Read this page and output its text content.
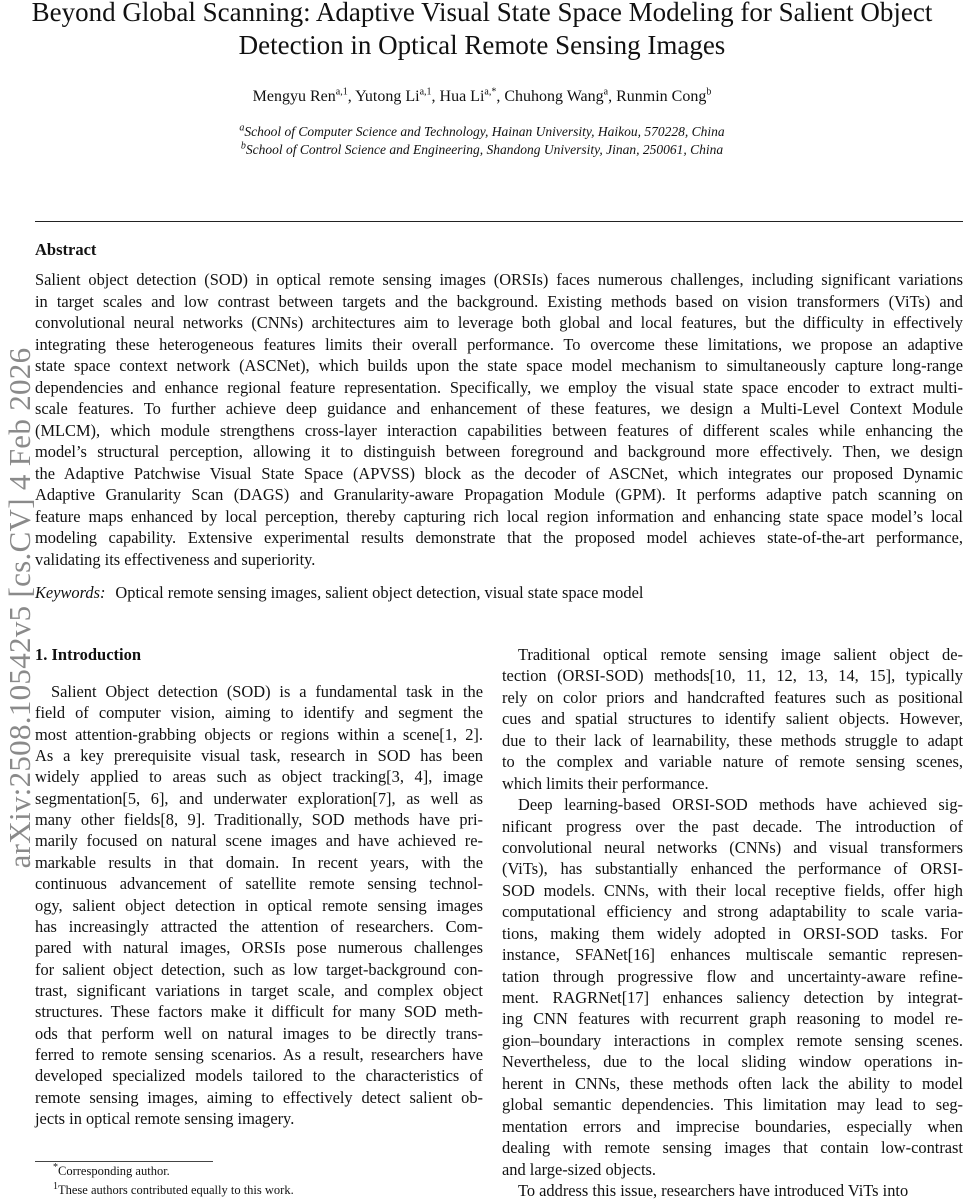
arXiv:2508.10542v5 [cs.CV] 4 Feb 2026
Beyond Global Scanning: Adaptive Visual State Space Modeling for Salient Object
Detection in Optical Remote Sensing Images
Mengyu Ren$^{a,1}$, Yutong Li$^{a,1}$, Hua $Li^{a,*}$, Chuhong Wang$^a$, Runmin Cong$^b$
$^a$School of Computer Science and Technology, Hainan University, Haikou, 570228, China
$^b$School of Control Science and Engineering, Shandong University, Jinan, 250061, China
Abstract
Salient object detection (SOD) in optical remote sensing images (ORSIs) faces numerous challenges, including significant variations
in target scales and low contrast between targets and the background. Existing methods based on vision transformers (ViTs) and
convolutional neural networks (CNNs) architectures aim to leverage both global and local features, but the difficulty in effectively
integrating these heterogeneous features limits their overall performance. To overcome these limitations, we propose an adaptive
state space context network (ASCNet), which builds upon the state space model mechanism to simultaneously capture long-range
dependencies and enhance regional feature representation. Specifically, we employ the visual state space encoder to extract multi-
scale features. To further achieve deep guidance and enhancement of these features, we design a Multi-Level Context Module
(MLCM), which module strengthens cross-layer interaction capabilities between features of different scales while enhancing the
model’s structural perception, allowing it to distinguish between foreground and background more effectively. Then, we design
the Adaptive Patchwise Visual State Space (APVSS) block as the decoder of ASCNet, which integrates our proposed Dynamic
Adaptive Granularity Scan (DAGS) and Granularity-aware Propagation Module (GPM). It performs adaptive patch scanning on
feature maps enhanced by local perception, thereby capturing rich local region information and enhancing state space model’s local
modeling capability. Extensive experimental results demonstrate that the proposed model achieves state-of-the-art performance,
validating its effectiveness and superiority.
Keywords: Optical remote sensing images, salient object detection, visual state space model
1. Introduction
Salient Object detection (SOD) is a fundamental task in the
field of computer vision, aiming to identify and segment the
most attention-grabbing objects or regions within a scene[1, 2].
As a key prerequisite visual task, research in SOD has been
widely applied to areas such as object tracking[3, 4], image
segmentation[5, 6], and underwater exploration[7], as well as
many other fields[8, 9]. Traditionally, SOD methods have pri-
marily focused on natural scene images and have achieved re-
markable results in that domain. In recent years, with the
continuous advancement of satellite remote sensing technol-
ogy, salient object detection in optical remote sensing images
has increasingly attracted the attention of researchers. Com-
pared with natural images, ORSIs pose numerous challenges
for salient object detection, such as low target-background con-
trast, significant variations in target scale, and complex object
structures. These factors make it difficult for many SOD meth-
ods that perform well on natural images to be directly trans-
ferred to remote sensing scenarios. As a result, researchers have
developed specialized models tailored to the characteristics of
remote sensing images, aiming to effectively detect salient ob-
jects in optical remote sensing imagery.
Traditional optical remote sensing image salient object de-
tection (ORSI-SOD) methods[10, 11, 12, 13, 14, 15], typically
rely on color priors and handcrafted features such as positional
cues and spatial structures to identify salient objects. However,
due to their lack of learnability, these methods struggle to adapt
to the complex and variable nature of remote sensing scenes,
which limits their performance.
Deep learning-based ORSI-SOD methods have achieved sig-
nificant progress over the past decade. The introduction of
convolutional neural networks (CNNs) and visual transformers
(ViTs), has substantially enhanced the performance of ORSI-
SOD models. CNNs, with their local receptive fields, offer high
computational efficiency and strong adaptability to scale varia-
tions, making them widely adopted in ORSI-SOD tasks. For
instance, SFANet[16] enhances multiscale semantic represen-
tation through progressive flow and uncertainty-aware refine-
ment. RAGRNet[17] enhances saliency detection by integrat-
ing CNN features with recurrent graph reasoning to model re-
gion–boundary interactions in complex remote sensing scenes.
Nevertheless, due to the local sliding window operations in-
herent in CNNs, these methods often lack the ability to model
global semantic dependencies. This limitation may lead to seg-
mentation errors and imprecise boundaries, especially when
dealing with remote sensing images that contain low-contrast
and large-sized objects.
To address this issue, researchers have introduced ViTs into
*Corresponding author.
$^1$These authors contributed equally to this work.
